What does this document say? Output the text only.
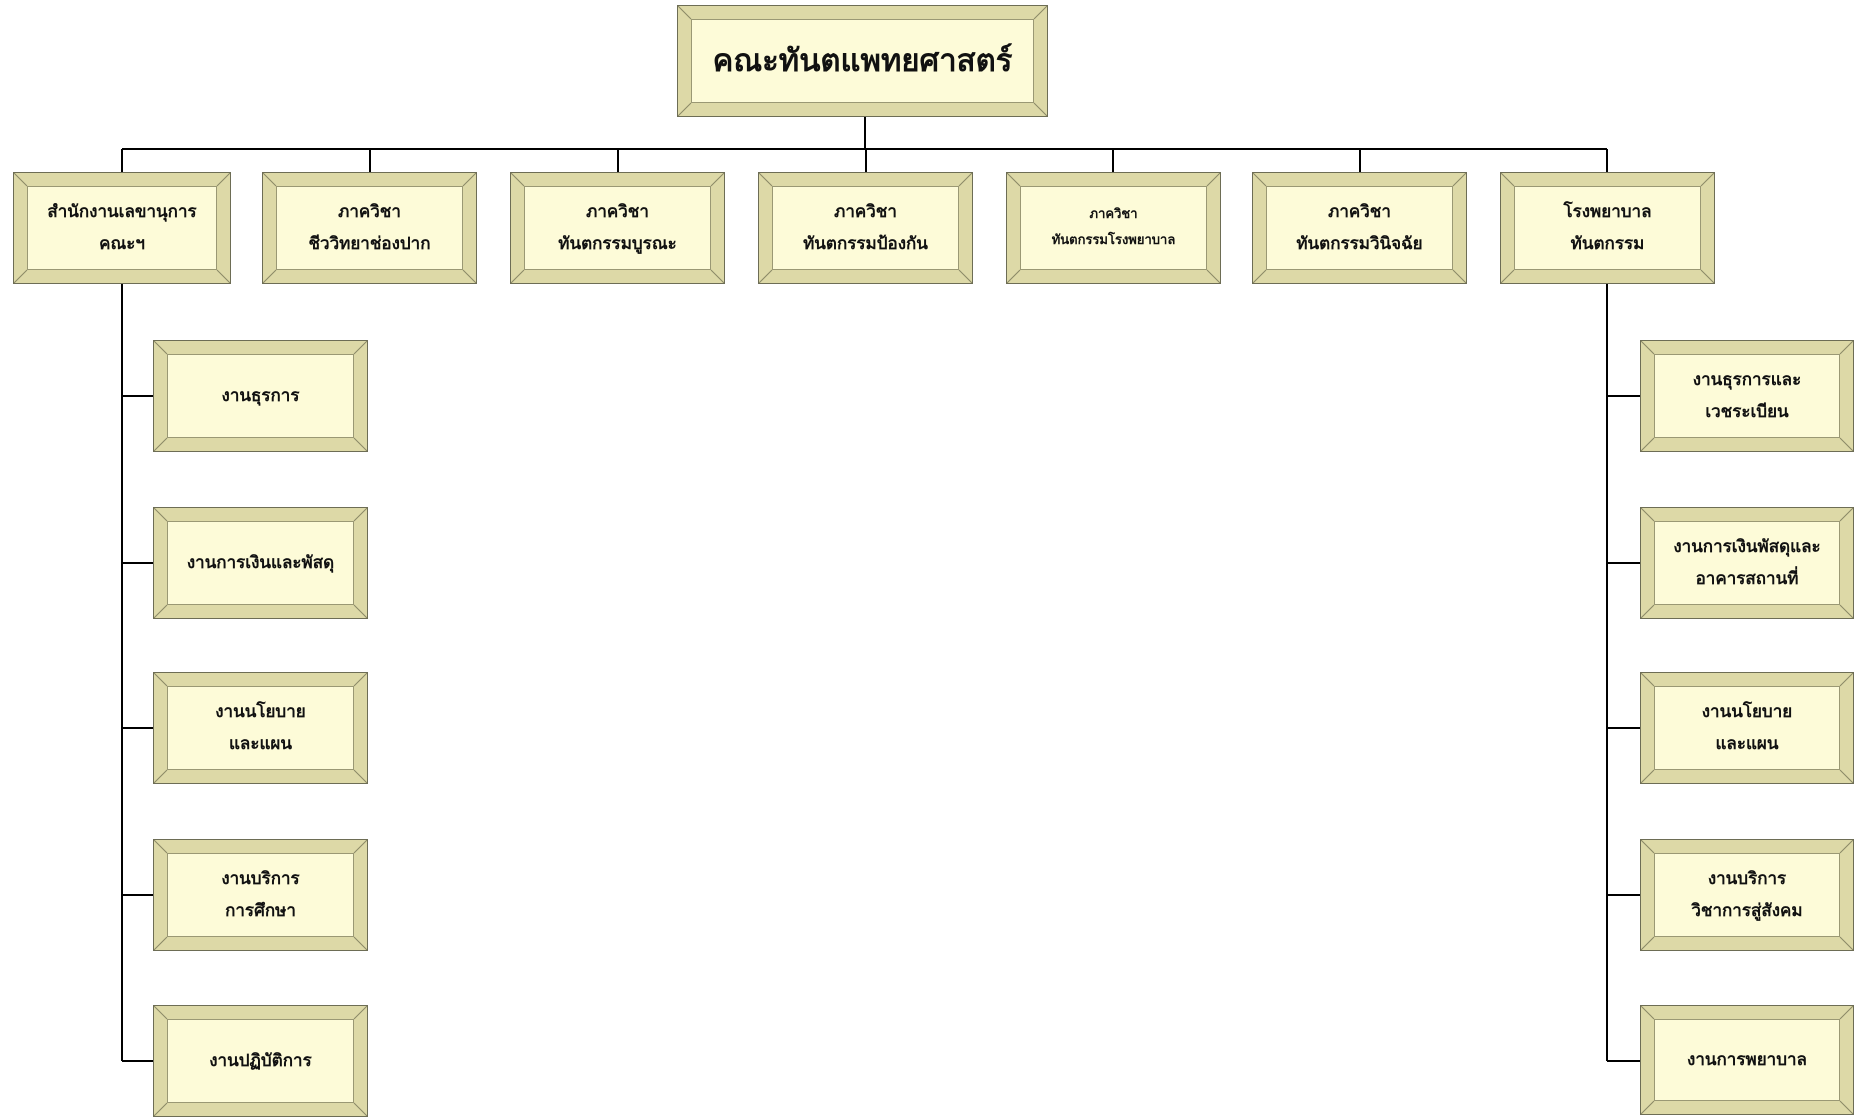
คณะทันตแพทยศาสตร์
สำนักงานเลขานุการ
คณะฯ
ภาควิชา
ชีววิทยาช่องปาก
ภาควิชา
ทันตกรรมบูรณะ
ภาควิชา
ทันตกรรมป้องกัน
ภาควิชา
ทันตกรรมโรงพยาบาล
ภาควิชา
ทันตกรรมวินิจฉัย
โรงพยาบาล
ทันตกรรม
งานธุรการ
งานการเงินและพัสดุ
งานนโยบาย
และแผน
งานบริการ
การศึกษา
งานปฏิบัติการ
งานธุรการและ
เวชระเบียน
งานการเงินพัสดุและ
อาคารสถานที่
งานนโยบาย
และแผน
งานบริการ
วิชาการสู่สังคม
งานการพยาบาล
